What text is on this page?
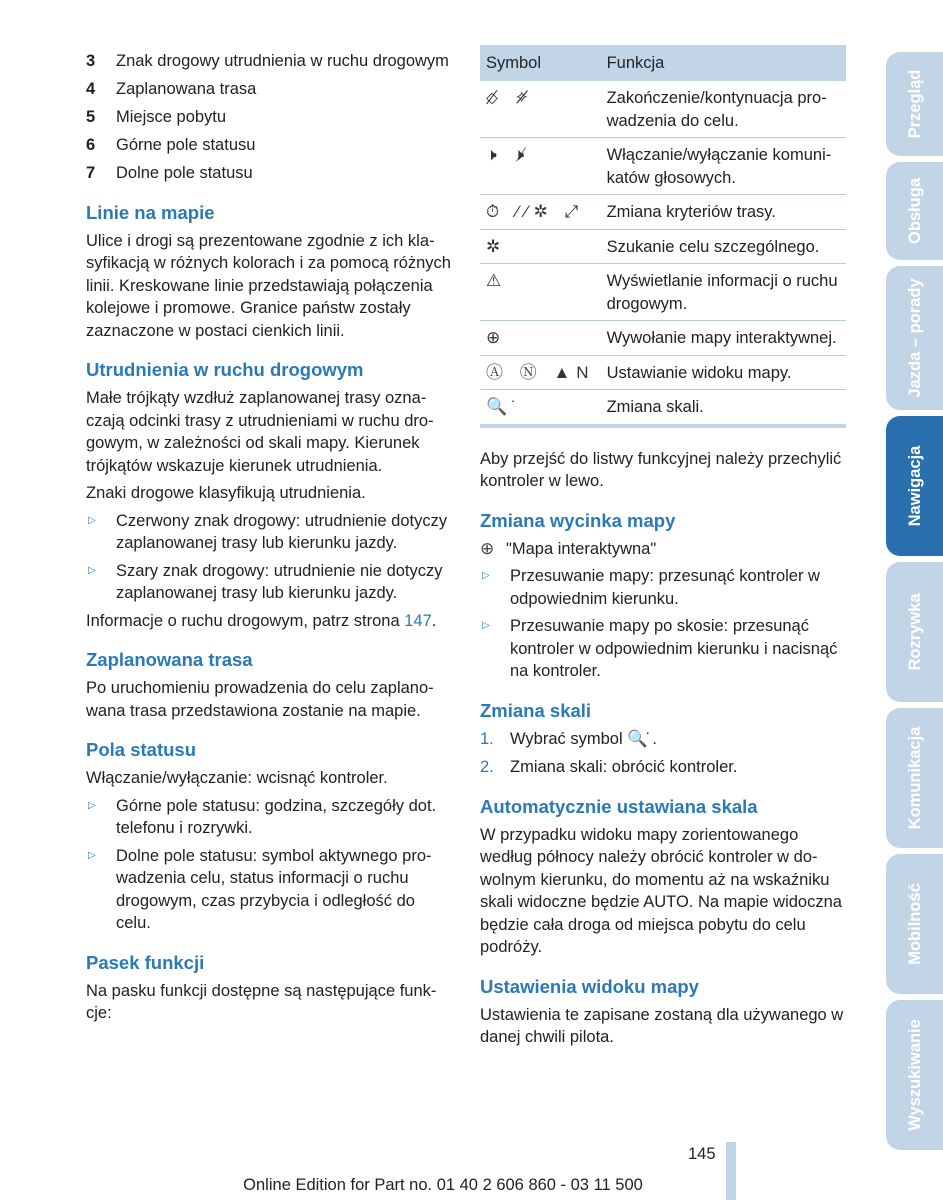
3	Znak drogowy utrudnienia w ruchu drogowym
4	Zaplanowana trasa
5	Miejsce pobytu
6	Górne pole statusu
7	Dolne pole statusu
Linie na mapie

Ulice i drogi są prezentowane zgodnie z ich klasyfikacją w różnych kolorach i za pomocą różnych linii. Kreskowane linie przedstawiają połączenia kolejowe i promowe. Granice państw zostały zaznaczone w postaci cienkich linii.

Utrudnienia w ruchu drogowym

Małe trójkąty wzdłuż zaplanowanej trasy oznaczają odcinki trasy z utrudnieniami w ruchu drogowym, w zależności od skali mapy. Kierunek trójkątów wskazuje kierunek utrudnienia.

Znaki drogowe klasyfikują utrudnienia.

▷	Czerwony znak drogowy: utrudnienie dotyczy zaplanowanej trasy lub kierunku jazdy.
▷	Szary znak drogowy: utrudnienie nie dotyczy zaplanowanej trasy lub kierunku jazdy.

Informacje o ruchu drogowym, patrz strona 147.

Zaplanowana trasa

Po uruchomieniu prowadzenia do celu zaplanowana trasa przedstawiona zostanie na mapie.

Pola statusu

Włączanie/wyłączanie: wcisnąć kontroler.

▷	Górne pole statusu: godzina, szczegóły dot. telefonu i rozrywki.
▷	Dolne pole statusu: symbol aktywnego prowadzenia celu, status informacji o ruchu drogowym, czas przybycia i odległość do celu.
Pasek funkcji

Na pasku funkcji dostępne są następujące funkcje:

Symbol	Funkcja
⬦̸ ✧̸	Zakończenie/kontynuacja prowadzenia do celu.
🕨 🕨̸	Włączanie/wyłączanie komunikatów głosowych.
⏱ ⁄⁄✲ ⤢	Zmiana kryteriów trasy.
✲	Szukanie celu szczególnego.
⚠	Wyświetlanie informacji o ruchu drogowym.
⊕	Wywołanie mapy interaktywnej.
Ⓐ Ⓝ ▲N	Ustawianie widoku mapy.
🔍̇	Zmiana skali.

Aby przejść do listwy funkcyjnej należy przechylić kontroler w lewo.

Zmiana wycinka mapy
⊕ "Mapa interaktywna"
▷	Przesuwanie mapy: przesunąć kontroler w odpowiednim kierunku.
▷	Przesuwanie mapy po skosie: przesunąć kontroler w odpowiednim kierunku i nacisnąć na kontroler.
Zmiana skali
1. Wybrać symbol
🔍̇
.
2. Zmiana skali: obrócić kontroler.
Automatycznie ustawiana skala

W przypadku widoku mapy zorientowanego według północy należy obrócić kontroler w dowolnym kierunku, do momentu aż na wskaźniku skali widoczne będzie AUTO. Na mapie widoczna będzie cała droga od miejsca pobytu do celu podróży.

Ustawienia widoku mapy

Ustawienia te zapisane zostaną dla używanego w danej chwili pilota.

Przegląd
Obsługa
Jazda – porady
Nawigacja
Rozrywka
Komunikacja
Mobilność
Wyszukiwanie
145
Online Edition for Part no. 01 40 2 606 860 - 03 11 500
